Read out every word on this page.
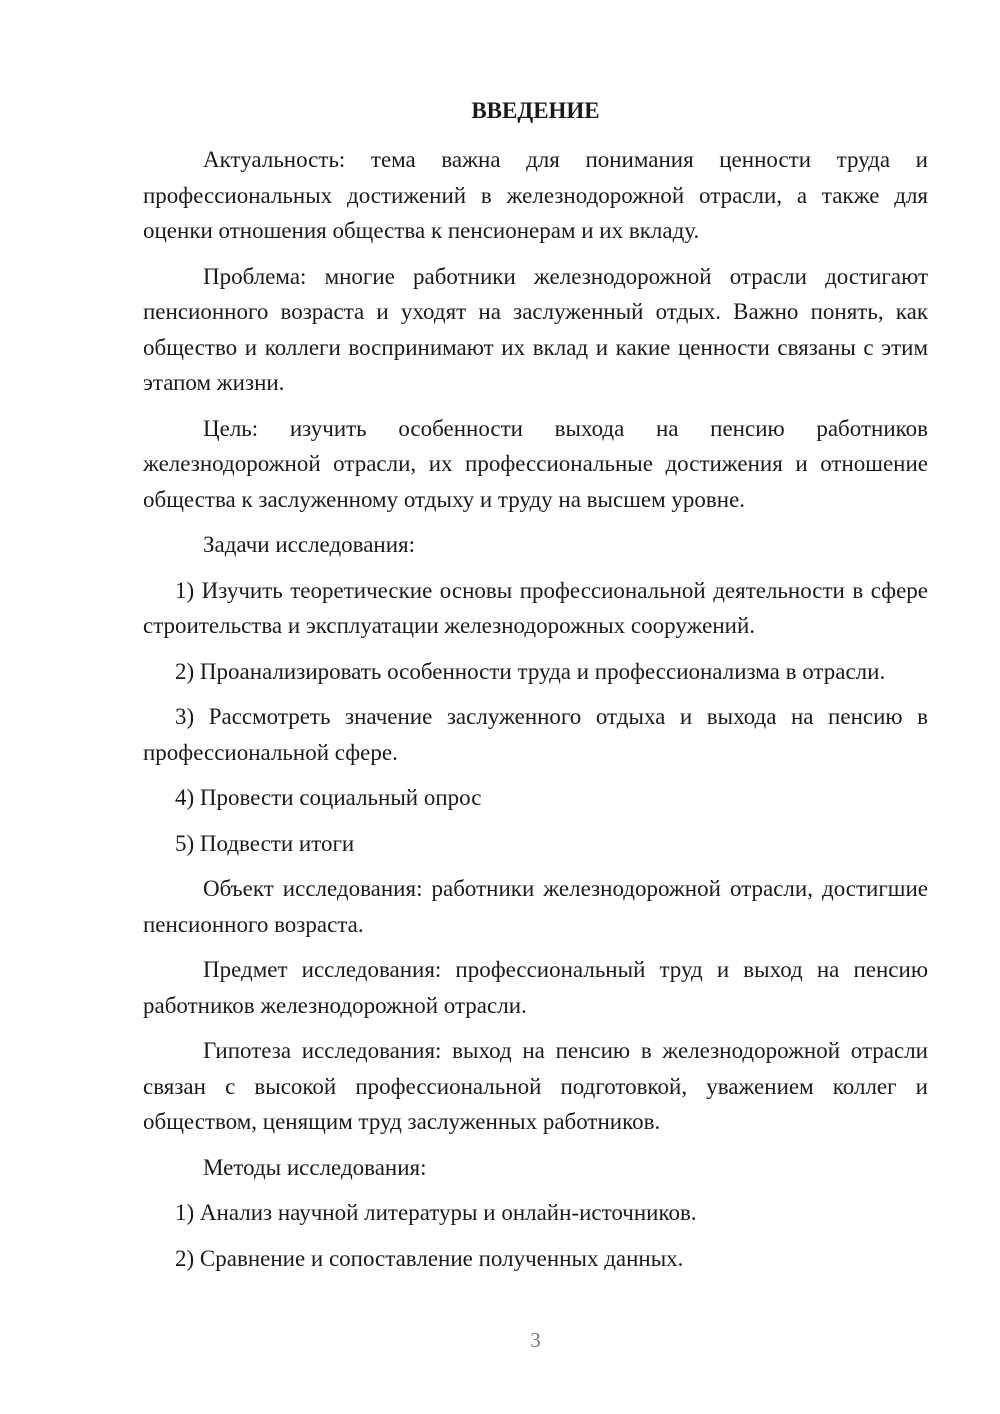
ВВЕДЕНИЕ

Актуальность: тема важна для понимания ценности труда и профессиональных достижений в железнодорожной отрасли, а также для оценки отношения общества к пенсионерам и их вкладу.

Проблема: многие работники железнодорожной отрасли достигают пенсионного возраста и уходят на заслуженный отдых. Важно понять, как общество и коллеги воспринимают их вклад и какие ценности связаны с этим этапом жизни.

Цель: изучить особенности выхода на пенсию работников железнодорожной отрасли, их профессиональные достижения и отношение общества к заслуженному отдыху и труду на высшем уровне.

Задачи исследования:

1) Изучить теоретические основы профессиональной деятельности в сфере строительства и эксплуатации железнодорожных сооружений.

2) Проанализировать особенности труда и профессионализма в отрасли.

3) Рассмотреть значение заслуженного отдыха и выхода на пенсию в профессиональной сфере.

4) Провести социальный опрос

5) Подвести итоги

Объект исследования: работники железнодорожной отрасли, достигшие пенсионного возраста.

Предмет исследования: профессиональный труд и выход на пенсию работников железнодорожной отрасли.

Гипотеза исследования: выход на пенсию в железнодорожной отрасли связан с высокой профессиональной подготовкой, уважением коллег и обществом, ценящим труд заслуженных работников.

Методы исследования:

1) Анализ научной литературы и онлайн-источников.

2) Сравнение и сопоставление полученных данных.

3
